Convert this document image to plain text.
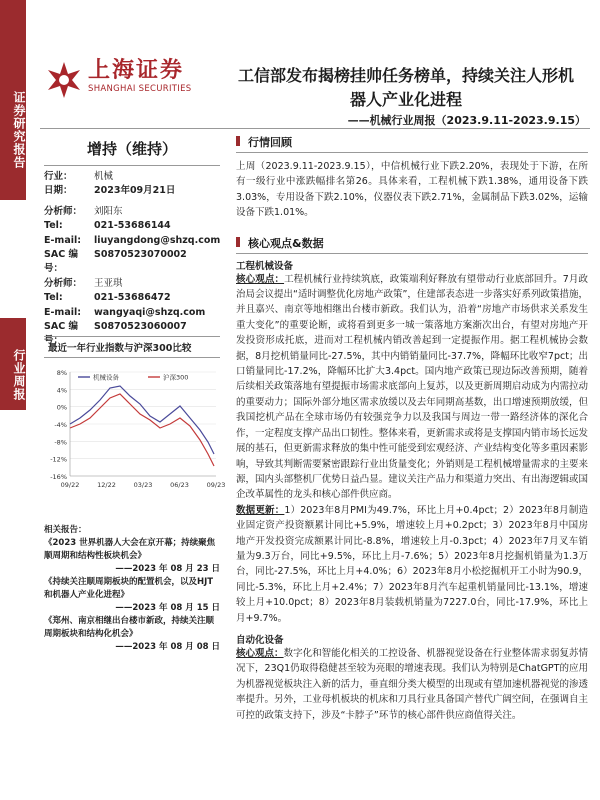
证券研究报告
行业周报
上海证券
SHANGHAI SECURITIES
工信部发布揭榜挂帅任务榜单，持续关注人形机器人产业化进程
——机械行业周报（2023.9.11-2023.9.15）
增持（维持）
行业：	机械
日期：	2023年09月21日
分析师：	刘阳东
Tel:	021-53686144
E-mail:	liuyangdong@shzq.com
SAC 编号：
S0870523070002
分析师：	王亚琪
Tel:	021-53686472
E-mail:	wangyaqi@shzq.com
SAC 编号：
S0870523060007
最近一年行业指数与沪深300比较
8%
4%
0%
-4%
-8%
-12%
-16%
09/22	12/22	03/23	06/23	09/23
机械设备	沪深300
相关报告：
《2023 世界机器人大会在京开幕；持续聚焦顺周期和结构性板块机会》
——2023 年 08 月 23 日
《持续关注顺周期板块的配置机会，以及HJT和机器人产业化进程》
——2023 年 08 月 15 日
《郑州、南京相继出台楼市新政，持续关注顺周期板块和结构化机会》
——2023 年 08 月 08 日
行情回顾
上周（2023.9.11-2023.9.15），中信机械行业下跌2.20%，表现处于下游，在所有一级行业中涨跌幅排名第26。具体来看，工程机械下跌1.38%，通用设备下跌3.03%，专用设备下跌2.10%，仪器仪表下跌2.71%，金属制品下跌3.02%，运输设备下跌1.01%。
核心观点&数据
工程机械设备
核心观点：工程机械行业持续筑底，政策端利好释放有望带动行业底部回升。7月政治局会议提出“适时调整优化房地产政策”，住建部表态进一步落实好系列政策措施，并且嘉兴、南京等地相继出台楼市新政。我们认为，沿着“房地产市场供求关系发生重大变化”的重要论断，或将看到更多一城一策落地方案渐次出台，有望对房地产开发投资形成托底，进而对工程机械内销改善起到一定提振作用。据工程机械协会数据，8月挖机销量同比-27.5%，其中内销销量同比-37.7%，降幅环比收窄7pct；出口销量同比-17.2%，降幅环比扩大3.4pct。国内地产政策已现边际改善预期，随着后续相关政策落地有望提振市场需求底部向上复苏，以及更新周期启动成为内需拉动的重要动力；国际外部分地区需求放缓以及去年同期高基数，出口增速预期放缓，但我国挖机产品在全球市场仍有较强竞争力以及我国与周边一带一路经济体的深化合作，一定程度支撑产品出口韧性。整体来看，更新需求或将是支撑国内销市场长远发展的基石，但更新需求释放的集中性可能受到宏观经济、产业结构变化等多重因素影响，导致其判断需要紧密跟踪行业出货量变化；外销则是工程机械增量需求的主要来源，国内头部整机厂优势日益凸显。建议关注产品力和渠道力突出、有出海逻辑或国企改革属性的龙头和核心部件供应商。
数据更新：1）2023年8月PMI为49.7%，环比上月+0.4pct；2）2023年8月制造业固定资产投资额累计同比+5.9%，增速较上月+0.2pct；3）2023年8月中国房地产开发投资完成额累计同比-8.8%，增速较上月-0.3pct；4）2023年7月叉车销量为9.3万台，同比+9.5%，环比上月-7.6%；5）2023年8月挖掘机销量为1.3万台，同比-27.5%，环比上月+4.0%；6）2023年8月小松挖掘机开工小时为90.9，同比-5.3%，环比上月+2.4%；7）2023年8月汽车起重机销量同比-13.1%，增速较上月+10.0pct；8）2023年8月装载机销量为7227.0台，同比-17.9%，环比上月+9.7%。
自动化设备
核心观点：数字化和智能化相关的工控设备、机器视觉设备在行业整体需求弱复苏情况下，23Q1仍取得稳健甚至较为亮眼的增速表现。我们认为特别是ChatGPT的应用为机器视觉板块注入新的活力，垂直细分类大模型的出现或有望加速机器视觉的渗透率提升。另外，工业母机板块的机床和刀具行业具备国产替代广阔空间，在强调自主可控的政策支持下，涉及“卡脖子”环节的核心部件供应商值得关注。
